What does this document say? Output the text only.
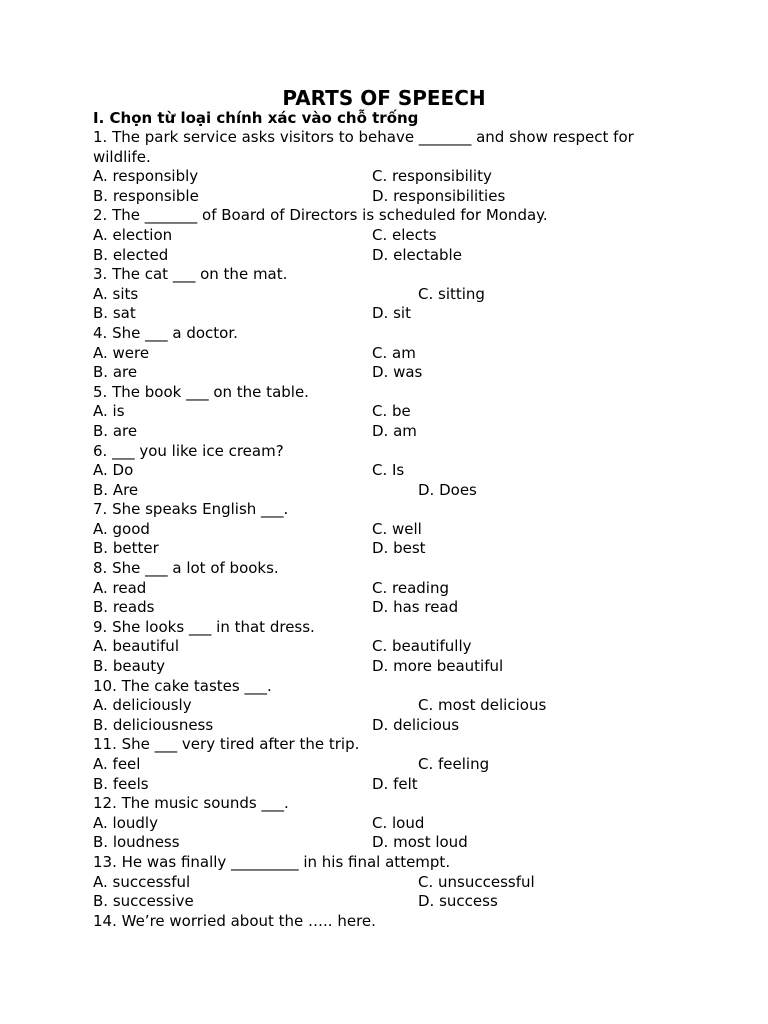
PARTS OF SPEECH
I. Chọn từ loại chính xác vào chỗ trống
1. The park service asks visitors to behave _______ and show respect for wildlife.
A. responsibly	C. responsibility
B. responsible	D. responsibilities
2. The _______ of Board of Directors is scheduled for Monday.
A. election	C. elects
B. elected	D. electable
3. The cat ___ on the mat.
A. sits	C. sitting
B. sat	D. sit
4. She ___ a doctor.
A. were	C. am
B. are	D. was
5. The book ___ on the table.
A. is	C. be
B. are	D. am
6. ___ you like ice cream?
A. Do	C. Is
B. Are	D. Does
7. She speaks English ___.
A. good	C. well
B. better	D. best
8. She ___ a lot of books.
A. read	C. reading
B. reads	D. has read
9. She looks ___ in that dress.
A. beautiful	C. beautifully
B. beauty	D. more beautiful
10. The cake tastes ___.
A. deliciously	C. most delicious
B. deliciousness	D. delicious
11. She ___ very tired after the trip.
A. feel	C. feeling
B. feels	D. felt
12. The music sounds ___.
A. loudly	C. loud
B. loudness	D. most loud
13. He was finally _________ in his final attempt.
A. successful	C. unsuccessful
B. successive	D. success
14. We’re worried about the ….. here.
